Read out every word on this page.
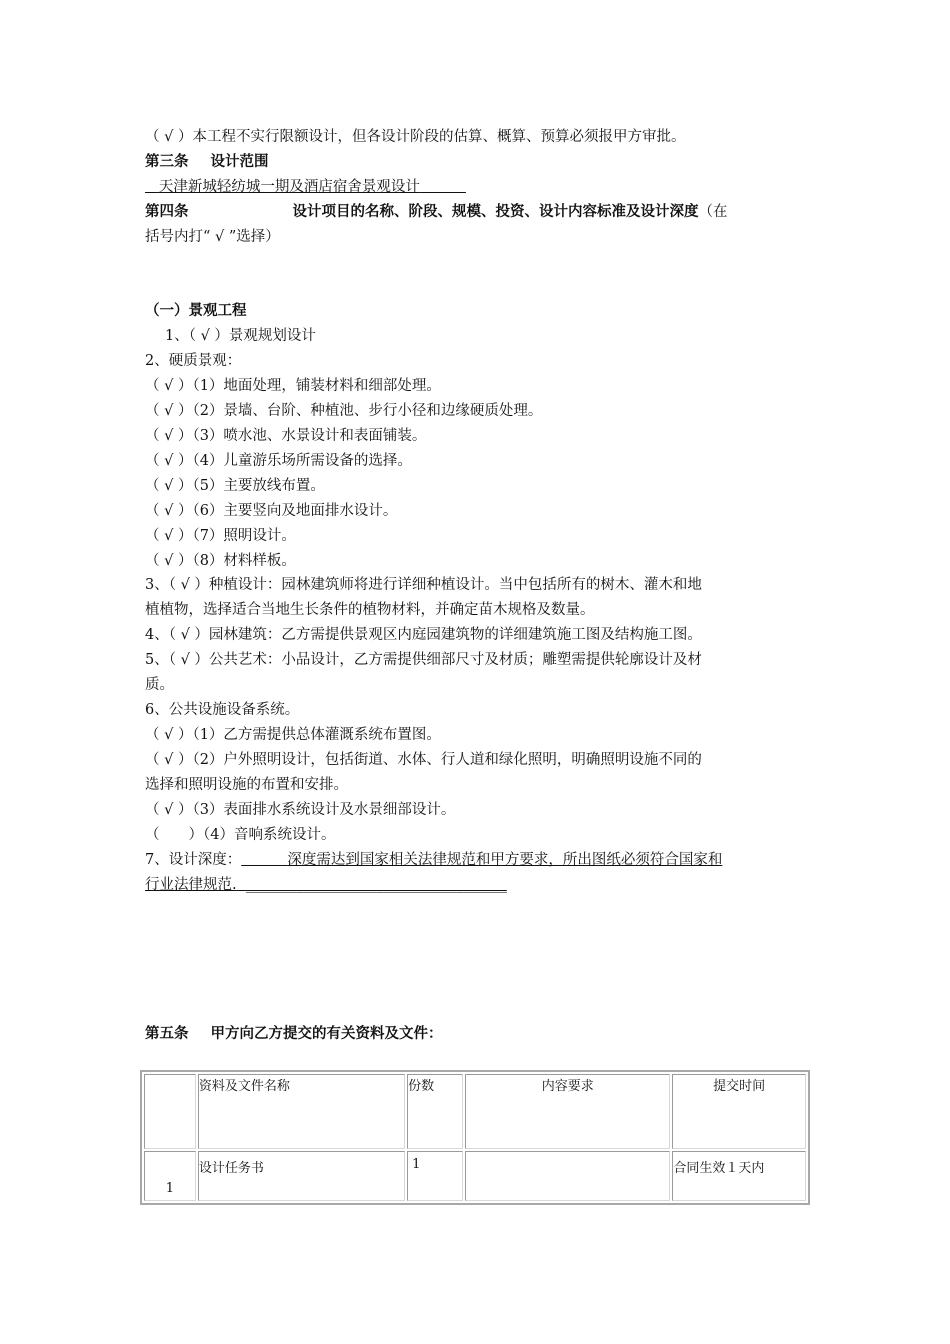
（ √ ）本工程不实行限额设计，但各设计阶段的估算、概算、预算必须报甲方审批。
第三条 设计范围
天津新城轻纺城一期及酒店宿舍景观设计
第四条	设计项目的名称、阶段、规模、投资、设计内容标准及设计深度（在
括号内打“ √ ”选择）
（一）景观工程
1、（ √ ）景观规划设计
2、硬质景观：
（ √ ）（1）地面处理，铺装材料和细部处理。
（ √ ）（2）景墙、台阶、种植池、步行小径和边缘硬质处理。
（ √ ）（3）喷水池、水景设计和表面铺装。
（ √ ）（4）儿童游乐场所需设备的选择。
（ √ ）（5）主要放线布置。
（ √ ）（6）主要竖向及地面排水设计。
（ √ ）（7）照明设计。
（ √ ）（8）材料样板。
3、（ √ ）种植设计：园林建筑师将进行详细种植设计。当中包括所有的树木、灌木和地
植植物，选择适合当地生长条件的植物材料，并确定苗木规格及数量。
4、（ √ ）园林建筑：乙方需提供景观区内庭园建筑物的详细建筑施工图及结构施工图。
5、（ √ ）公共艺术：小品设计，乙方需提供细部尺寸及材质；雕塑需提供轮廓设计及材
质。
6、公共设施设备系统。
（ √ ）（1）乙方需提供总体灌溉系统布置图。
（ √ ）（2）户外照明设计，包括街道、水体、行人道和绿化照明，明确照明设施不同的
选择和照明设施的布置和安排。
（ √ ）（3）表面排水系统设计及水景细部设计。
（　　）（4）音响系统设计。
7、设计深度：	深度需达到国家相关法律规范和甲方要求，所出图纸必须符合国家和
行业法律规范.  ____________________________________
第五条 甲方向乙方提交的有关资料及文件：
	资料及文件名称	份数	内容要求	提交时间
1	设计任务书	1		合同生效１天内
